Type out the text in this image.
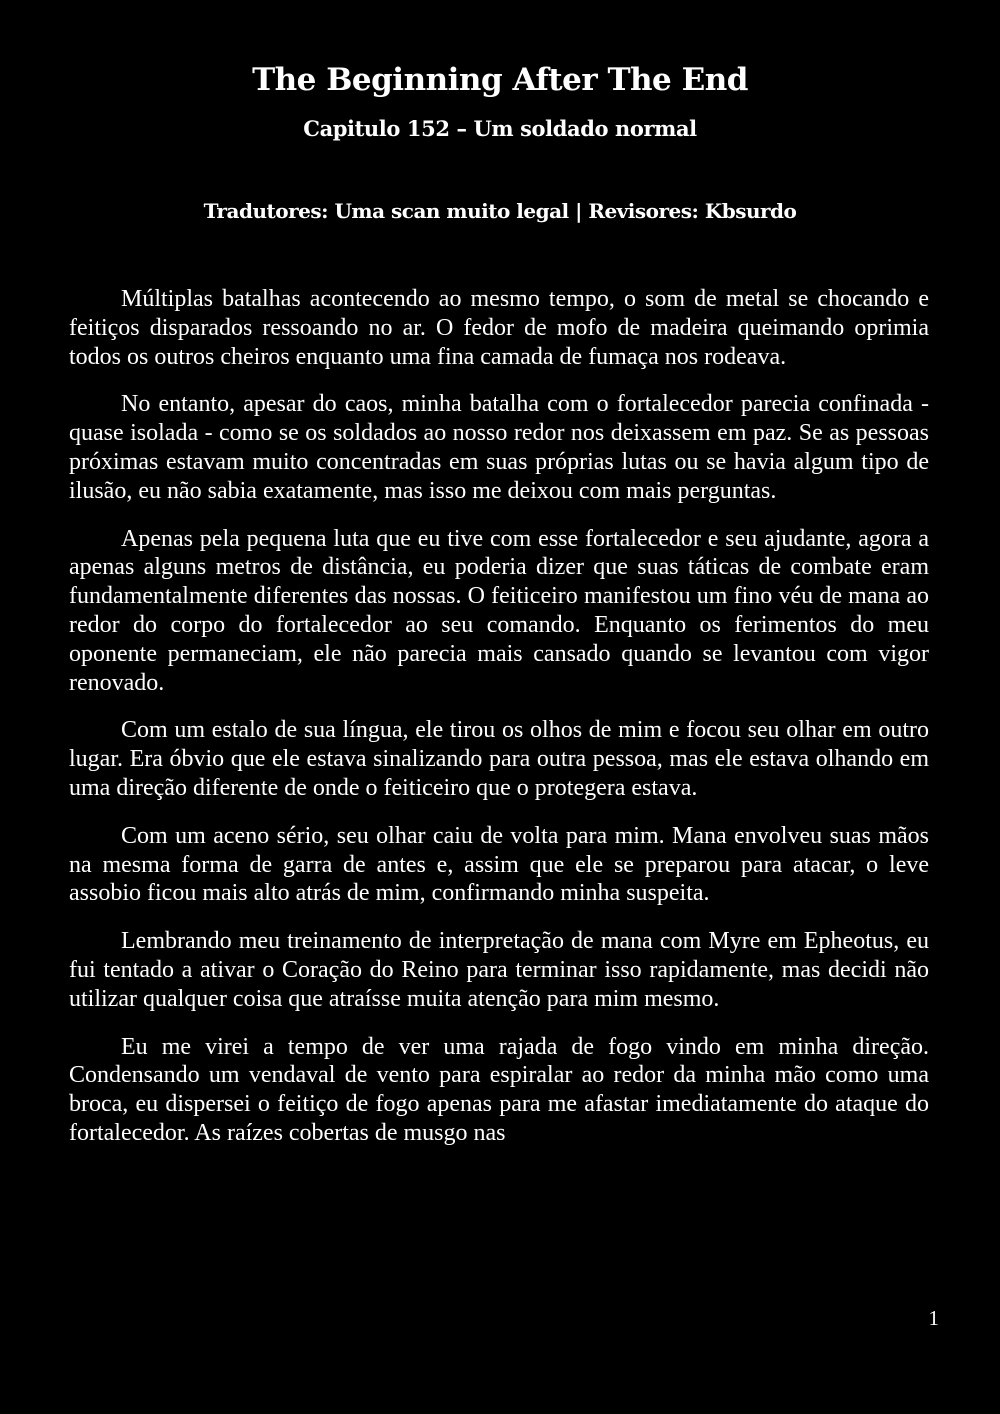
The Beginning After The End
Capitulo 152 – Um soldado normal
Tradutores: Uma scan muito legal | Revisores: Kbsurdo

Múltiplas batalhas acontecendo ao mesmo tempo, o som de metal se chocando e feitiços disparados ressoando no ar. O fedor de mofo de madeira queimando oprimia todos os outros cheiros enquanto uma fina camada de fumaça nos rodeava.

No entanto, apesar do caos, minha batalha com o fortalecedor parecia confinada - quase isolada - como se os soldados ao nosso redor nos deixassem em paz. Se as pessoas próximas estavam muito concentradas em suas próprias lutas ou se havia algum tipo de ilusão, eu não sabia exatamente, mas isso me deixou com mais perguntas.

Apenas pela pequena luta que eu tive com esse fortalecedor e seu ajudante, agora a apenas alguns metros de distância, eu poderia dizer que suas táticas de combate eram fundamentalmente diferentes das nossas. O feiticeiro manifestou um fino véu de mana ao redor do corpo do fortalecedor ao seu comando. Enquanto os ferimentos do meu oponente permaneciam, ele não parecia mais cansado quando se levantou com vigor renovado.

Com um estalo de sua língua, ele tirou os olhos de mim e focou seu olhar em outro lugar. Era óbvio que ele estava sinalizando para outra pessoa, mas ele estava olhando em uma direção diferente de onde o feiticeiro que o protegera estava.

Com um aceno sério, seu olhar caiu de volta para mim. Mana envolveu suas mãos na mesma forma de garra de antes e, assim que ele se preparou para atacar, o leve assobio ficou mais alto atrás de mim, confirmando minha suspeita.

Lembrando meu treinamento de interpretação de mana com Myre em Epheotus, eu fui tentado a ativar o Coração do Reino para terminar isso rapidamente, mas decidi não utilizar qualquer coisa que atraísse muita atenção para mim mesmo.

Eu me virei a tempo de ver uma rajada de fogo vindo em minha direção. Condensando um vendaval de vento para espiralar ao redor da minha mão como uma broca, eu dispersei o feitiço de fogo apenas para me afastar imediatamente do ataque do fortalecedor. As raízes cobertas de musgo nas

1
